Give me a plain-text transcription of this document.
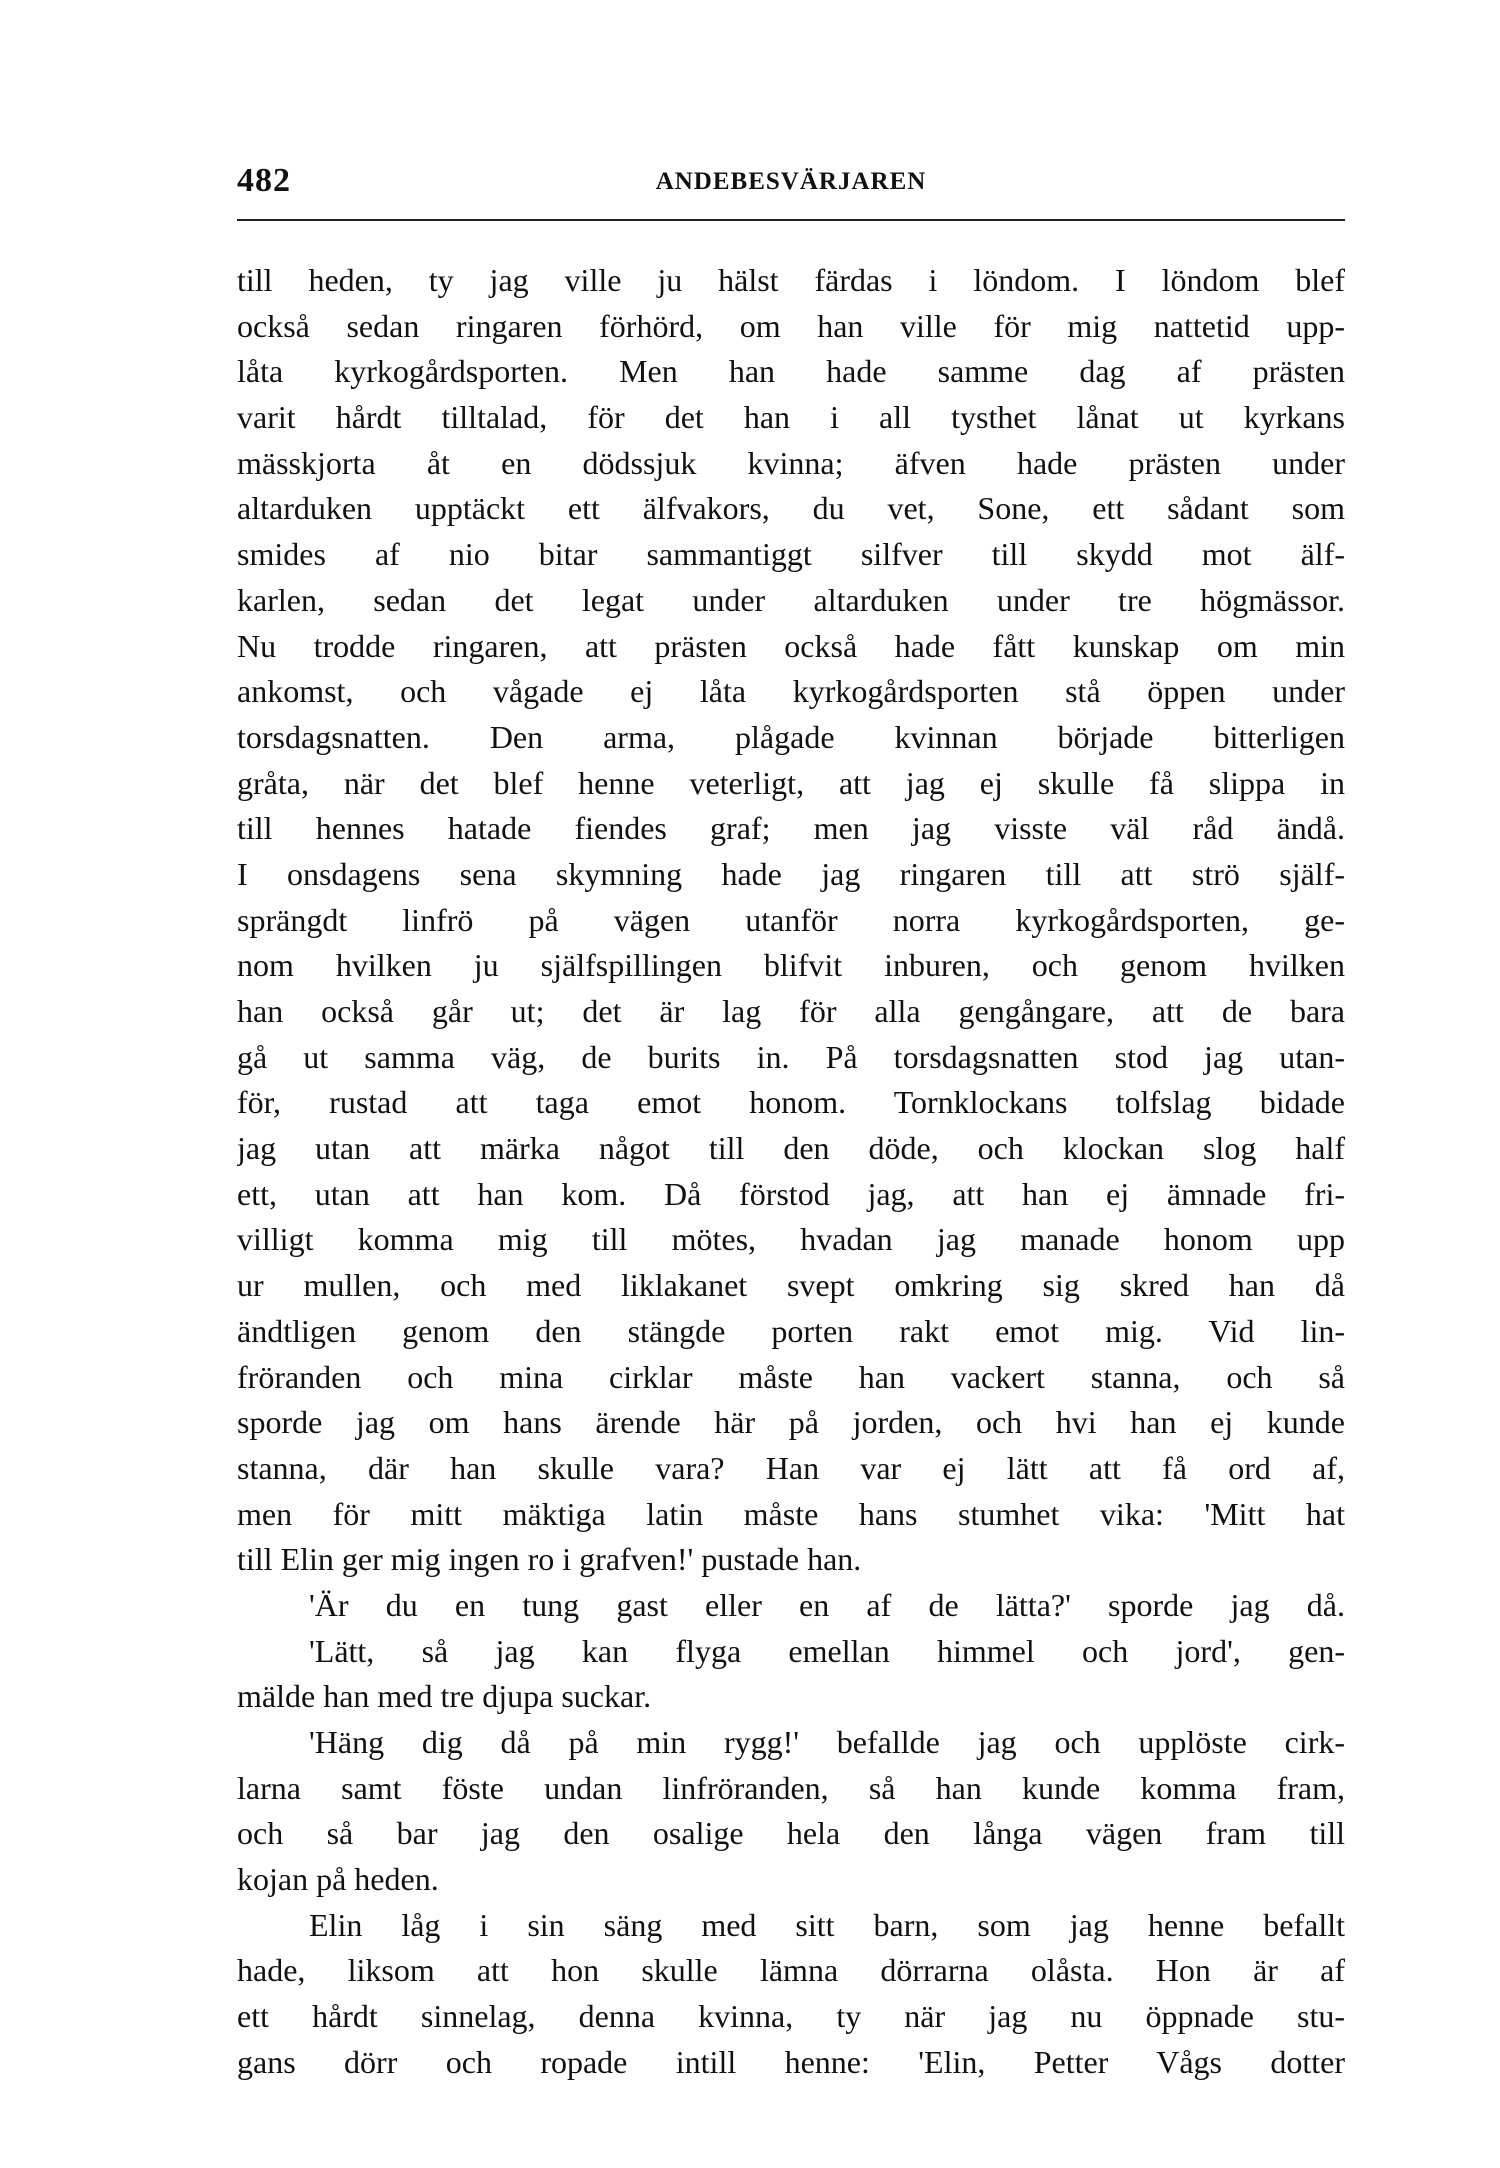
482	ANDEBESVÄRJAREN
till heden, ty jag ville ju hälst färdas i löndom. I löndom blef
också sedan ringaren förhörd, om han ville för mig nattetid upp-
låta kyrkogårdsporten. Men han hade samme dag af prästen
varit hårdt tilltalad, för det han i all tysthet lånat ut kyrkans
mässkjorta åt en dödssjuk kvinna; äfven hade prästen under
altarduken upptäckt ett älfvakors, du vet, Sone, ett sådant som
smides af nio bitar sammantiggt silfver till skydd mot älf-
karlen, sedan det legat under altarduken under tre högmässor.
Nu trodde ringaren, att prästen också hade fått kunskap om min
ankomst, och vågade ej låta kyrkogårdsporten stå öppen under
torsdagsnatten. Den arma, plågade kvinnan började bitterligen
gråta, när det blef henne veterligt, att jag ej skulle få slippa in
till hennes hatade fiendes graf; men jag visste väl råd ändå.
I onsdagens sena skymning hade jag ringaren till att strö själf-
sprängdt linfrö på vägen utanför norra kyrkogårdsporten, ge-
nom hvilken ju själfspillingen blifvit inburen, och genom hvilken
han också går ut; det är lag för alla gengångare, att de bara
gå ut samma väg, de burits in. På torsdagsnatten stod jag utan-
för, rustad att taga emot honom. Tornklockans tolfslag bidade
jag utan att märka något till den döde, och klockan slog half
ett, utan att han kom. Då förstod jag, att han ej ämnade fri-
villigt komma mig till mötes, hvadan jag manade honom upp
ur mullen, och med liklakanet svept omkring sig skred han då
ändtligen genom den stängde porten rakt emot mig. Vid lin-
fröranden och mina cirklar måste han vackert stanna, och så
sporde jag om hans ärende här på jorden, och hvi han ej kunde
stanna, där han skulle vara? Han var ej lätt att få ord af,
men för mitt mäktiga latin måste hans stumhet vika: 'Mitt hat
till Elin ger mig ingen ro i grafven!' pustade han.
'Är du en tung gast eller en af de lätta?' sporde jag då.
'Lätt, så jag kan flyga emellan himmel och jord', gen-
mälde han med tre djupa suckar.
'Häng dig då på min rygg!' befallde jag och upplöste cirk-
larna samt föste undan linfröranden, så han kunde komma fram,
och så bar jag den osalige hela den långa vägen fram till
kojan på heden.
Elin låg i sin säng med sitt barn, som jag henne befallt
hade, liksom att hon skulle lämna dörrarna olåsta. Hon är af
ett hårdt sinnelag, denna kvinna, ty när jag nu öppnade stu-
gans dörr och ropade intill henne: 'Elin, Petter Vågs dotter
